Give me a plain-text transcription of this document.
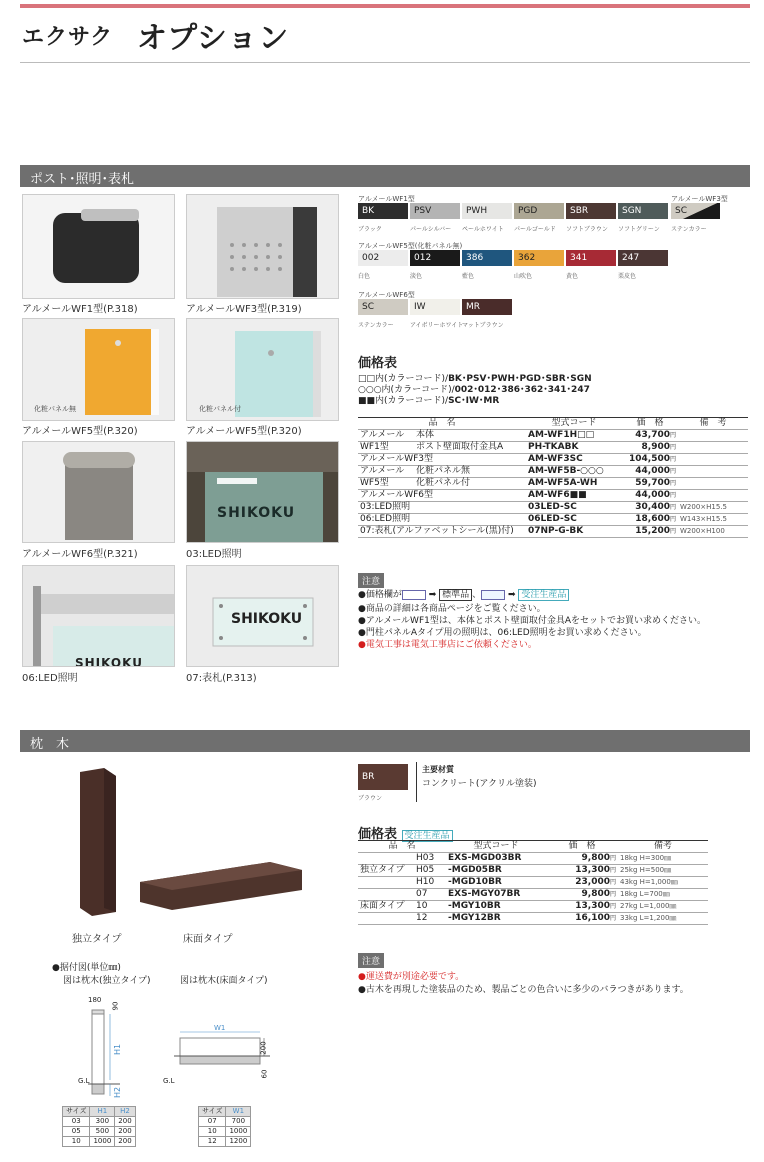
エクサク オプション
ポスト･照明･表札
アルメールWF1型(P.318)	アルメールWF3型(P.319)
化粧パネル無
アルメールWF5型(P.320)
化粧パネル付
アルメールWF5型(P.320)
アルメールWF6型(P.321)
SHIKOKU
03:LED照明
SHIKOKU
06:LED照明
SHIKOKU
07:表札(P.313)
アルメールWF1型	アルメールWF3型
BK
ブラック
PSV
パールシルバー
PWH
ペールホワイト
PGD
パールゴールド
SBR
ソフトブラウン
SGN
ソフトグリーン
SC
ステンカラー
アルメールWF5型(化粧パネル無)
002
白色
012
淡色
386
藍色
362
山吹色
341
黄色
247
栗皮色
アルメールWF6型
SC
ステンカラー
IW
アイボリーホワイト
MR
マットブラウン
価格表
□□内(カラーコード)/BK･PSV･PWH･PGD･SBR･SGN
○○○内(カラーコード)/002･012･386･362･341･247
■■内(カラーコード)/SC･IW･MR
品　名	型式コード	価　格	備　考
アルメール 本体	AM-WF1H□□	43,700円	
WF1型 ポスト壁面取付金具A	PH-TKABK	8,900円	
アルメールWF3型	AM-WF3SC	104,500円	
アルメール 化粧パネル無	AM-WF5B-○○○	44,000円	
WF5型 化粧パネル付	AM-WF5A-WH	59,700円	
アルメールWF6型	AM-WF6■■	44,000円	
03:LED照明	03LED-SC	30,400円	W200×H15.5
06:LED照明	06LED-SC	18,600円	W143×H15.5
07:表札(アルファベットシール(黒)付)	07NP-G-BK	15,200円	W200×H100
注意
●価格欄が	➡ 標準品 、	➡ 受注生産品
●商品の詳細は各商品ページをご覧ください。
●アルメールWF1型は、本体とポスト壁面取付金具Aをセットでお買い求めください。
●門柱パネルAタイプ用の照明は、06:LED照明をお買い求めください。
●電気工事は電気工事店にご依頼ください。
枕　木
独立タイプ	床面タイプ
BR
ブラウン
主要材質
コンクリート(アクリル塗装)
価格表 受注生産品
品　名	型式コード	価　格	備考
H03	EXS-MGD03BR	9,800円	18kg H=300㎜
独立タイプ H05	-MGD05BR	13,300円	25kg H=500㎜
H10	-MGD10BR	23,000円	43kg H=1,000㎜
07	EXS-MGY07BR	9,800円	18kg L=700㎜
床面タイプ 10	-MGY10BR	13,300円	27kg L=1,000㎜
12	-MGY12BR	16,100円	33kg L=1,200㎜
注意
●運送費が別途必要です。
●古木を再現した塗装品のため、製品ごとの色合いに多少のバラつきがあります。
●据付図(単位㎜)
図は枕木(独立タイプ)	図は枕木(床面タイプ)
180
90
H1
H2
G.L
W1
200
60
G.L
サイズ	H1	H2
03	300	200
05	500	200
10	1000	200
サイズ	W1
07	700
10	1000
12	1200
